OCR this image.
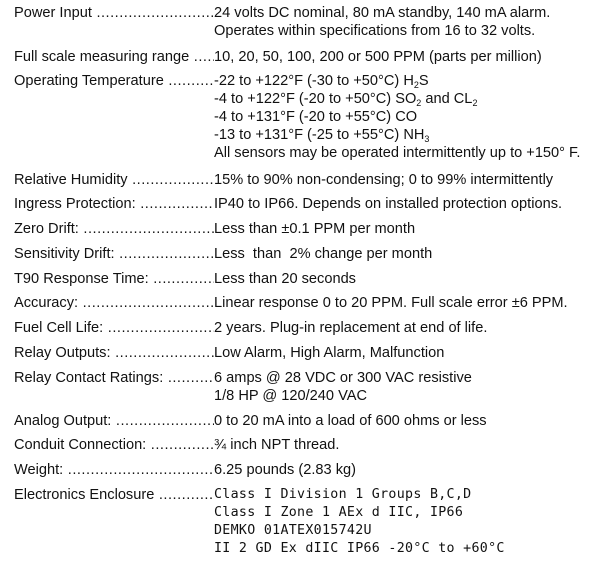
Power Input .....	24 volts DC nominal, 80 mA standby, 140 mA alarm.
Operates within specifications from 16 to 32 volts.
Full scale measuring range .....	10, 20, 50, 100, 200 or 500 PPM (parts per million)
Operating Temperature .....	-22 to +122°F (-30 to +50°C) $H_2S$
-4 to +122°F (-20 to +50°C) $SO_2$ and $CL_2$
-4 to +131°F (-20 to +55°C) CO
-13 to +131°F (-25 to +55°C) $NH_3$
All sensors may be operated intermittently up to +150° F.
Relative Humidity .....	15% to 90% non-condensing; 0 to 99% intermittently
Ingress Protection: .....	IP40 to IP66. Depends on installed protection options.
Zero Drift: .....	Less than ±0.1 PPM per month
Sensitivity Drift: .....	Less  than  2% change per month
T90 Response Time: .....	Less than 20 seconds
Accuracy: .....	Linear response 0 to 20 PPM. Full scale error ±6 PPM.
Fuel Cell Life: .....	2 years. Plug-in replacement at end of life.
Relay Outputs: .....	Low Alarm, High Alarm, Malfunction
Relay Contact Ratings: .....	6 amps @ 28 VDC or 300 VAC resistive
1/8 HP @ 120/240 VAC
Analog Output: .....	0 to 20 mA into a load of 600 ohms or less
Conduit Connection: .....	¾ inch NPT thread.
Weight: .....	6.25 pounds (2.83 kg)
Electronics Enclosure .....	Class I Division 1 Groups B,C,D
Class I Zone 1 AEx d IIC, IP66
DEMKO 01ATEX015742U
II 2 GD Ex dIIC IP66 -20°C to +60°C
